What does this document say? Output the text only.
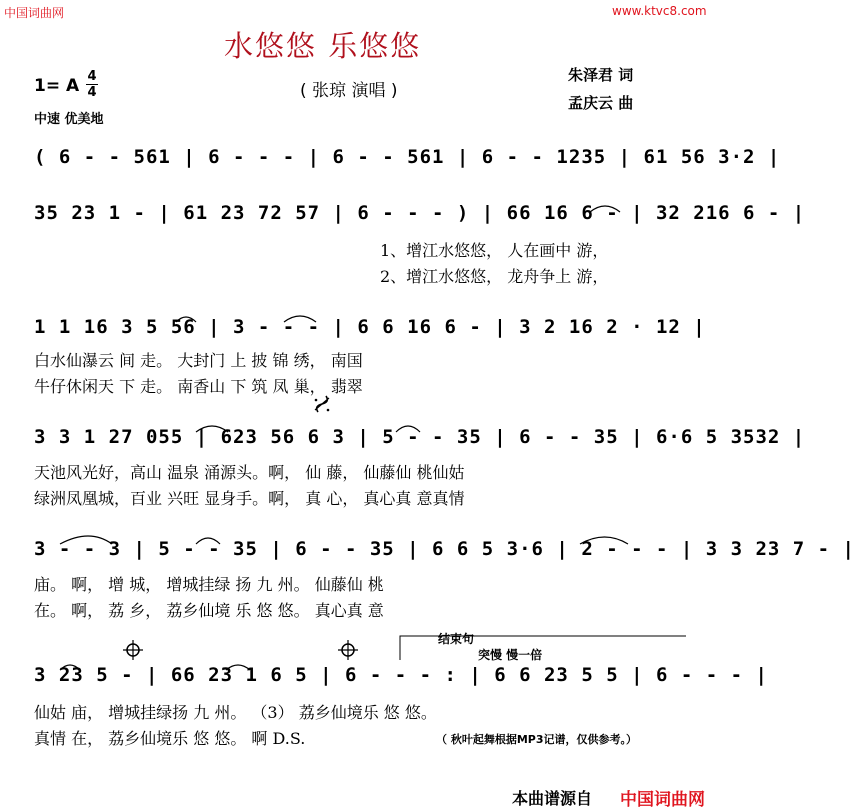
中国词曲网	www.ktvc8.com
水悠悠 乐悠悠
( 张琼 演唱 )
朱泽君 词
孟庆云 曲
1= A 4
4
中速 优美地
( 6 - - 561 | 6 - - - | 6 - - 561 | 6 - - 1235 | 61 56 3·2 |
35 23 1 - | 61 23 72 57 | 6 - - - ) | 66 16 6 - | 32 216 6 - |
1、增江水悠悠， 人在画中 游，
2、增江水悠悠， 龙舟争上 游，
1 1 16 3 5 56 | 3 - - - | 6 6 16 6 - | 3 2 16 2 · 12 |
白水仙瀑云 间 走。 大封门 上 披 锦 绣， 南国
牛仔休闲天 下 走。 南香山 下 筑 凤 巢， 翡翠
3 3 1 27 055 | 623 56 6 3 | 5 - - 35 | 6 - - 35 | 6·6 5 3532 |
天池风光好，高山 温泉 涌源头。啊， 仙 藤， 仙藤仙 桃仙姑
绿洲凤凰城，百业 兴旺 显身手。啊， 真 心， 真心真 意真情
3 - - 3 | 5 - - 35 | 6 - - 35 | 6 6 5 3·6 | 2 - - - | 3 3 23 7 - |
庙。 啊， 增 城， 增城挂绿 扬 九 州。 仙藤仙 桃
在。 啊， 荔 乡， 荔乡仙境 乐 悠 悠。 真心真 意
结束句
突慢 慢一倍
3 23 5 - | 66 23 1 6 5 | 6 - - - : | 6 6 23 5 5 | 6 - - - |
仙姑 庙， 增城挂绿扬 九 州。 （3） 荔乡仙境乐 悠 悠。
真情 在， 荔乡仙境乐 悠 悠。 啊 D.S.	（ 秋叶起舞根据MP3记谱，仅供参考。）
本曲谱源自 中国词曲网
